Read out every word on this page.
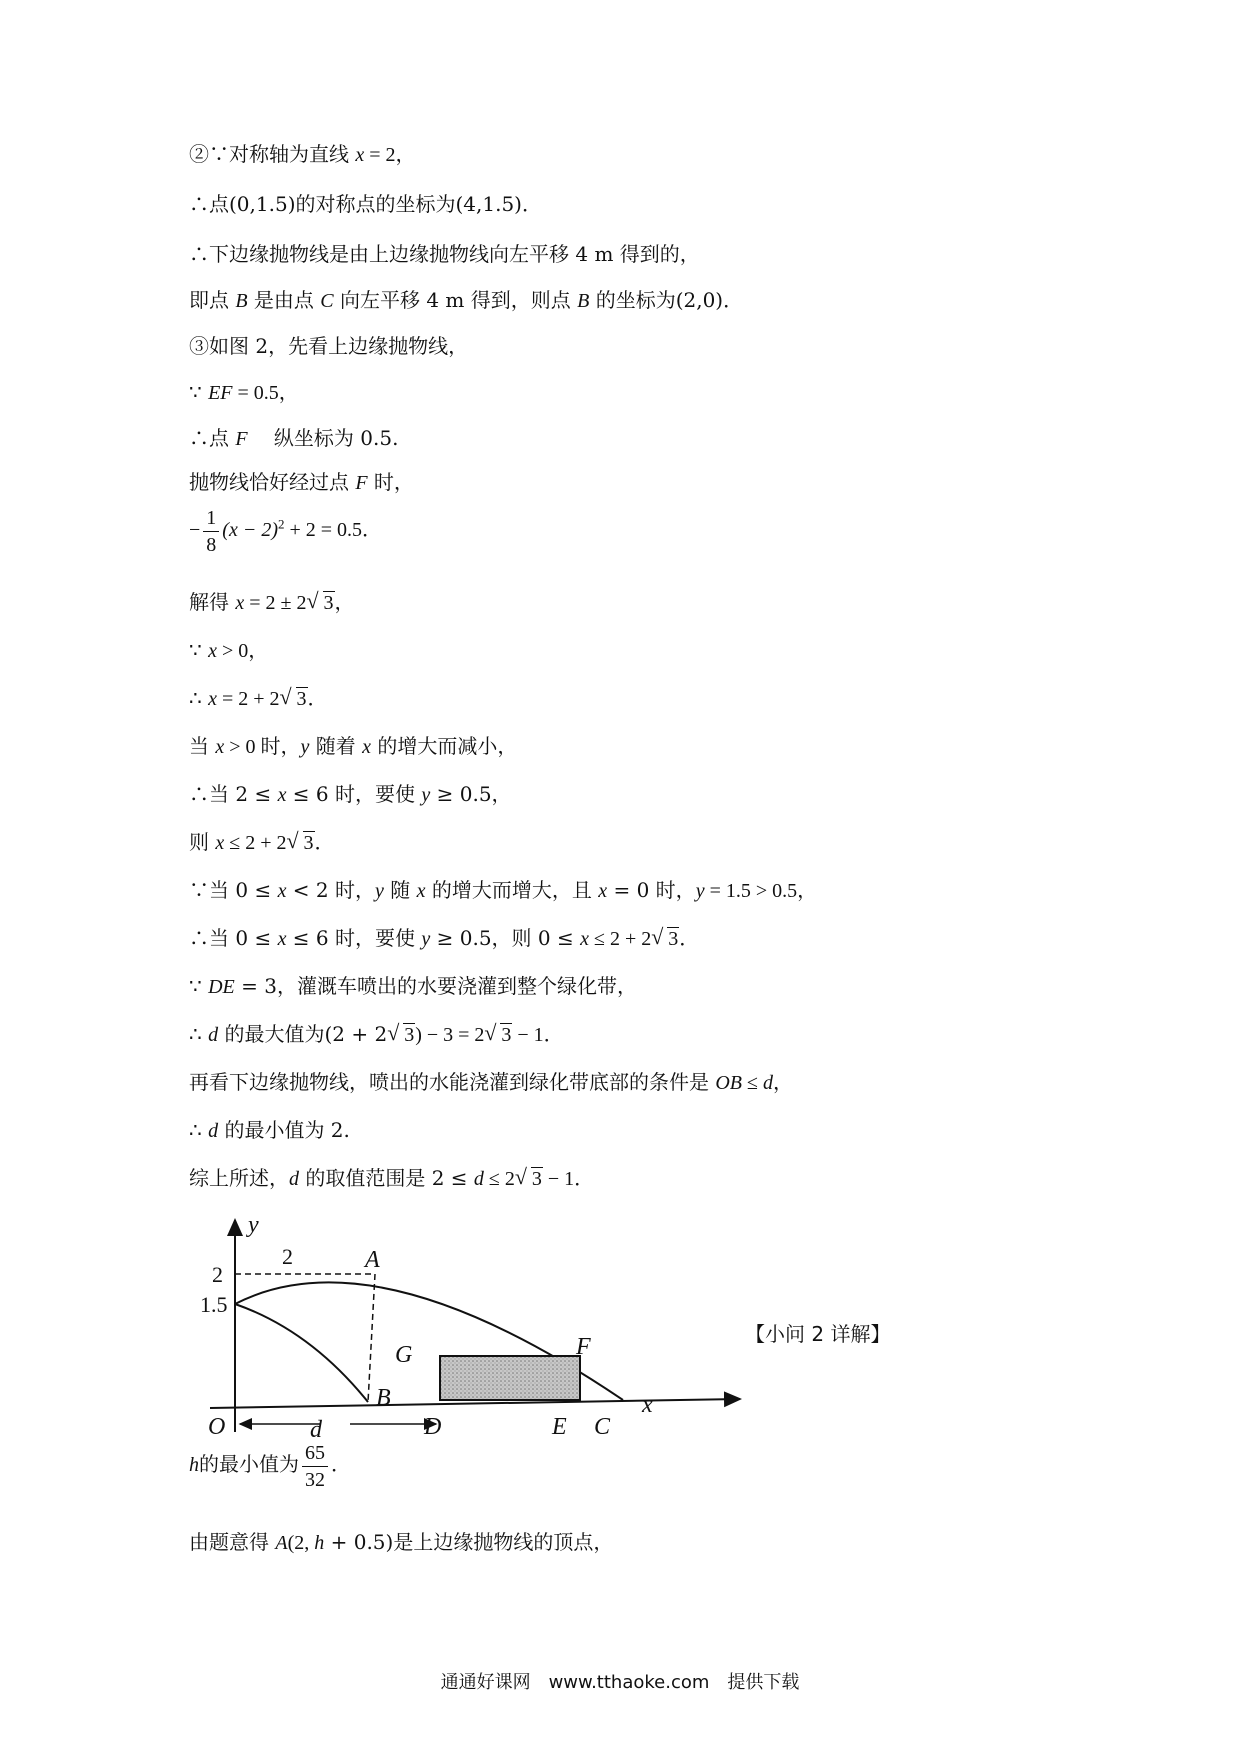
②∵对称轴为直线 x = 2，
∴点(0,1.5)的对称点的坐标为(4,1.5)．
∴下边缘抛物线是由上边缘抛物线向左平移 4 m 得到的，
即点 B 是由点 C 向左平移 4 m 得到，则点 B 的坐标为(2,0)．
③如图 2，先看上边缘抛物线，
∵ EF = 0.5，
∴点 F　 纵坐标为 0.5.
抛物线恰好经过点 F 时，
− $\frac{1}{8} (x - 2)^2 + 2 = 0.5$．
解得 x = 2 ± 2 √ 3，
∵ x > 0，
∴ x = 2 + 2 √ 3．
当 x > 0 时，y 随着 x 的增大而减小，
∴当 2 ≤ x ≤ 6 时，要使 y ≥ 0.5，
则 x ≤ 2 + 2 √ 3．
∵当 0 ≤ x < 2 时，y 随 x 的增大而增大，且 x = 0 时，y = 1.5 > 0.5，
∴当 0 ≤ x ≤ 6 时，要使 y ≥ 0.5，则 0 ≤ x ≤ 2 + 2 √ 3．
∵ DE = 3，灌溉车喷出的水要浇灌到整个绿化带，
∴ d 的最大值为(2 + 2 √ 3) − 3 = 2 √ 3 − 1．
再看下边缘抛物线，喷出的水能浇灌到绿化带底部的条件是 OB ≤ d，
∴ d 的最小值为 2.
综上所述，d 的取值范围是 2 ≤ d ≤ 2 √ 3 − 1．
y
x
A
B
d
F
G
D	E C
O
2
1.5
2
【小问 2 详解】
h的最小值为 $\frac{65}{32}$ ．
由题意得 A(2, h + 0.5)是上边缘抛物线的顶点，
通通好课网　www.tthaoke.com　提供下载
